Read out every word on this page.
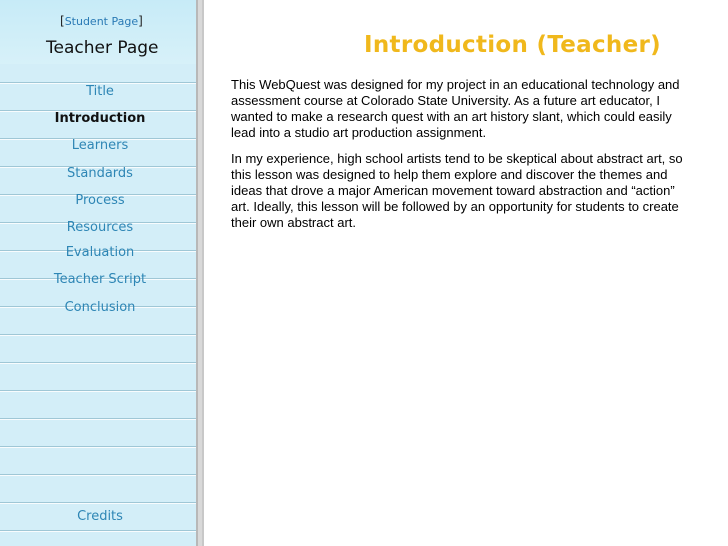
[Student Page]
Teacher Page
Title
Introduction
Learners
Standards
Process
Resources
Evaluation
Teacher Script
Conclusion
Credits
Introduction (Teacher)

This WebQuest was designed for my project in an educational technology and assessment course at Colorado State University. As a future art educator, I wanted to make a research quest with an art history slant, which could easily lead into a studio art production assignment.

In my experience, high school artists tend to be skeptical about abstract art, so this lesson was designed to help them explore and discover the themes and ideas that drove a major American movement toward abstraction and “action” art. Ideally, this lesson will be followed by an opportunity for students to create their own abstract art.
